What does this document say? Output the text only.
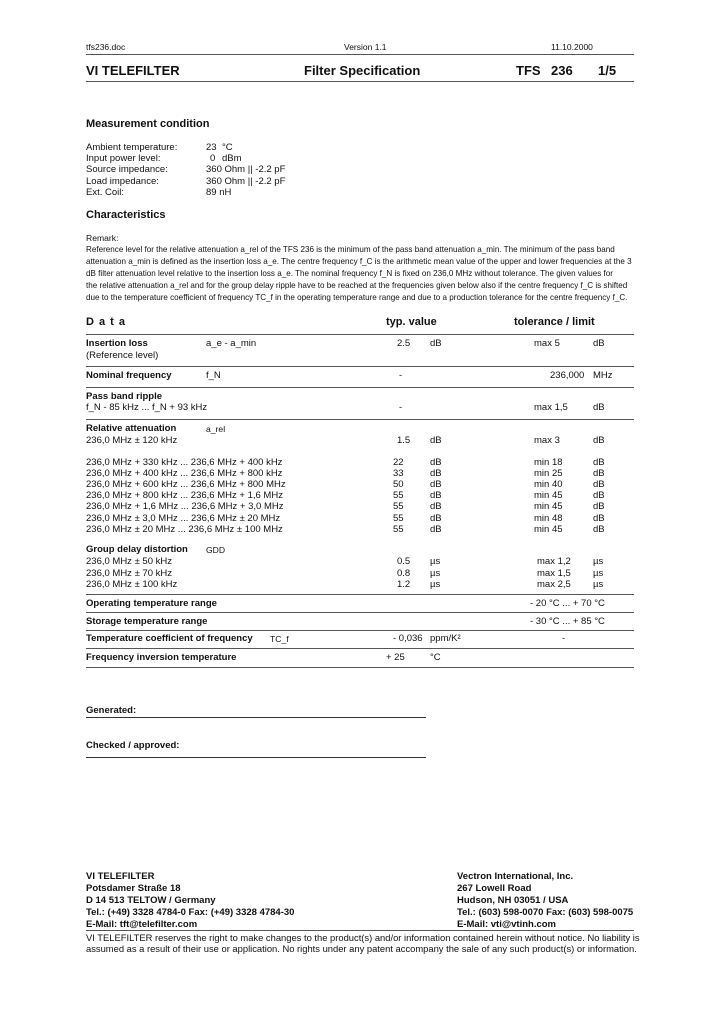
tfs236.doc	Version 1.1	11.10.2000
VI TELEFILTER	Filter Specification	TFS 236 1/5
Measurement condition
Ambient temperature:	23 °C
Input power level:	0 dBm
Source impedance:	360 Ohm || -2.2 pF
Load impedance:	360 Ohm || -2.2 pF
Ext. Coil:	89 nH
Characteristics
Remark:
Reference level for the relative attenuation a_rel of the TFS 236 is the minimum of the pass band attenuation a_min. The minimum of the pass band
attenuation a_min is defined as the insertion loss a_e. The centre frequency f_C is the arithmetic mean value of the upper and lower frequencies at the 3
dB filter attenuation level relative to the insertion loss a_e. The nominal frequency f_N is fixed on 236,0 MHz without tolerance. The given values for
the relative attenuation a_rel and for the group delay ripple have to be reached at the frequencies given below also if the centre frequency f_C is shifted
due to the temperature coefficient of frequency TC_f in the operating temperature range and due to a production tolerance for the centre frequency f_C.
D a t a	typ. value	tolerance / limit
Insertion loss
(Reference level)
a_e - a_min	2.5 dB	max 5	dB
Nominal frequency	f_N	-	236,000 MHz
Pass band ripple
f_N - 85 kHz ... f_N + 93 kHz	-	max 1,5	dB
Relative attenuation	a_rel
236,0 MHz ± 120 kHz	1.5 dB	max 3	dB
236,0 MHz + 330 kHz ... 236,6 MHz + 400 kHz	22	dB	min 18	dB
236,0 MHz + 400 kHz ... 236,6 MHz + 800 kHz	33	dB	min 25	dB
236,0 MHz + 600 kHz ... 236,6 MHz + 800 MHz	50	dB	min 40	dB
236,0 MHz + 800 kHz ... 236,6 MHz + 1,6 MHz	55	dB	min 45	dB
236,0 MHz + 1,6 MHz ... 236,6 MHz + 3,0 MHz	55	dB	min 45	dB
236,0 MHz ± 3,0 MHz ... 236,6 MHz ± 20 MHz	55	dB	min 48	dB
236,0 MHz ± 20 MHz ... 236,6 MHz ± 100 MHz	55	dB	min 45	dB
Group delay distortion GDD
236,0 MHz ± 50 kHz	0.5 µs	max 1,2 µs
236,0 MHz ± 70 kHz	0.8 µs	max 1,5 µs
236,0 MHz ± 100 kHz	1.2 µs	max 2,5 µs
Operating temperature range	- 20 °C ... + 70 °C
Storage temperature range	- 30 °C ... + 85 °C
Temperature coefficient of frequency TC_f	- 0,036 ppm/K²	-
Frequency inversion temperature	+ 25	°C
Generated:
Checked / approved:
VI TELEFILTER
Potsdamer Straße 18
D 14 513 TELTOW / Germany
Tel.: (+49) 3328 4784-0 Fax: (+49) 3328 4784-30
E-Mail: tft@telefilter.com
Vectron International, Inc.
267 Lowell Road
Hudson, NH 03051 / USA
Tel.: (603) 598-0070 Fax: (603) 598-0075
E-Mail: vti@vtinh.com
VI TELEFILTER reserves the right to make changes to the product(s) and/or information contained herein without notice. No liability is
assumed as a result of their use or application. No rights under any patent accompany the sale of any such product(s) or information.
